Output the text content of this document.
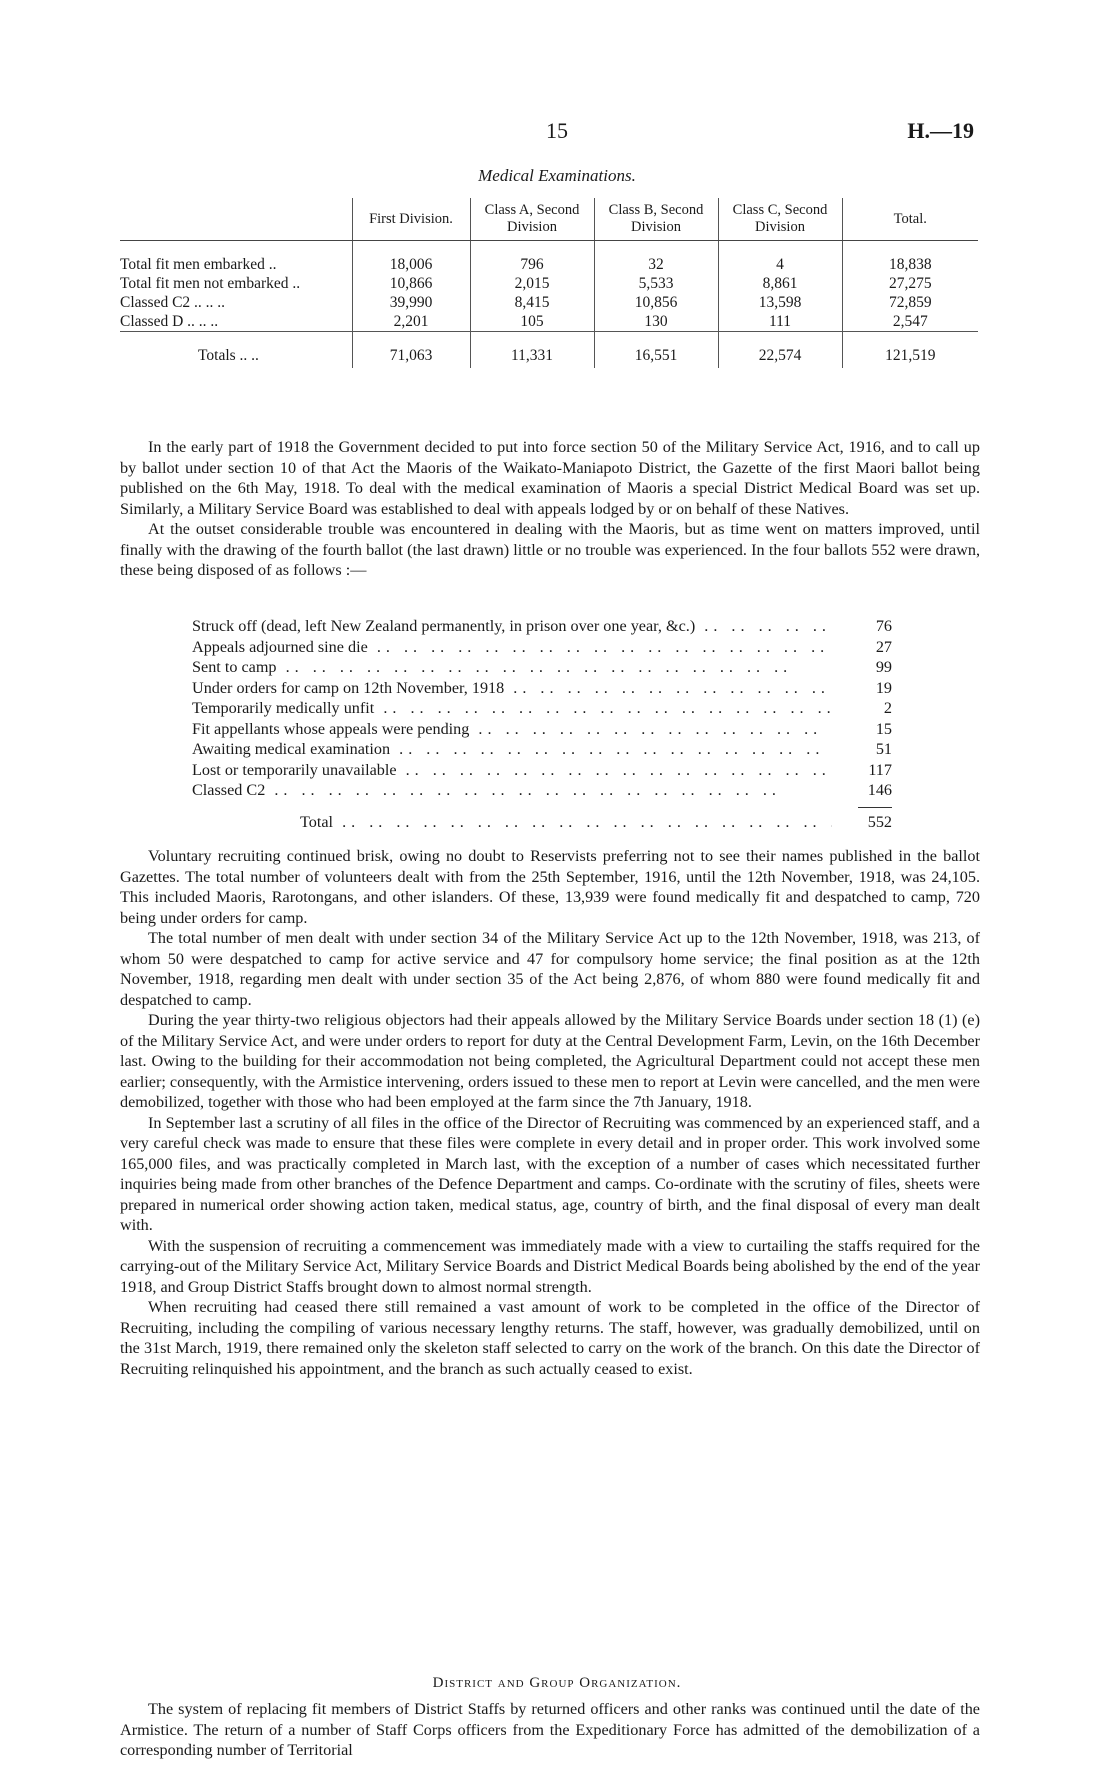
15	H.—19
Medical Examinations.
	First Division.	Class A, Second Division	Class B, Second Division	Class C, Second Division	Total.
Total fit men embarked ..	18,006	796	32	4	18,838
Total fit men not embarked ..	10,866	2,015	5,533	8,861	27,275
Classed C2 .. .. ..	39,990	8,415	10,856	13,598	72,859
Classed D .. .. ..	2,201	105	130	111	2,547
Totals .. ..	71,063	11,331	16,551	22,574	121,519

In the early part of 1918 the Government decided to put into force section 50 of the Military Service Act, 1916, and to call up by ballot under section 10 of that Act the Maoris of the Waikato-Maniapoto District, the Gazette of the first Maori ballot being published on the 6th May, 1918. To deal with the medical examination of Maoris a special District Medical Board was set up. Similarly, a Military Service Board was established to deal with appeals lodged by or on behalf of these Natives.

At the outset considerable trouble was encountered in dealing with the Maoris, but as time went on matters improved, until finally with the drawing of the fourth ballot (the last drawn) little or no trouble was experienced. In the four ballots 552 were drawn, these being disposed of as follows :—

Struck off (dead, left New Zealand permanently, in prison over one year, &c.) .. ..	76
Appeals adjourned sine die .. ..	27
Sent to camp .. ..	99
Under orders for camp on 12th November, 1918 .. ..	19
Temporarily medically unfit .. ..	2
Fit appellants whose appeals were pending .. ..	15
Awaiting medical examination .. ..	51
Lost or temporarily unavailable .. ..	117
Classed C2 .. ..	146
Total .. ..	552

Voluntary recruiting continued brisk, owing no doubt to Reservists preferring not to see their names published in the ballot Gazettes. The total number of volunteers dealt with from the 25th September, 1916, until the 12th November, 1918, was 24,105. This included Maoris, Rarotongans, and other islanders. Of these, 13,939 were found medically fit and despatched to camp, 720 being under orders for camp.

The total number of men dealt with under section 34 of the Military Service Act up to the 12th November, 1918, was 213, of whom 50 were despatched to camp for active service and 47 for compulsory home service; the final position as at the 12th November, 1918, regarding men dealt with under section 35 of the Act being 2,876, of whom 880 were found medically fit and despatched to camp.

During the year thirty-two religious objectors had their appeals allowed by the Military Service Boards under section 18 (1) (e) of the Military Service Act, and were under orders to report for duty at the Central Development Farm, Levin, on the 16th December last. Owing to the building for their accommodation not being completed, the Agricultural Department could not accept these men earlier; consequently, with the Armistice intervening, orders issued to these men to report at Levin were cancelled, and the men were demobilized, together with those who had been employed at the farm since the 7th January, 1918.

In September last a scrutiny of all files in the office of the Director of Recruiting was commenced by an experienced staff, and a very careful check was made to ensure that these files were complete in every detail and in proper order. This work involved some 165,000 files, and was practically completed in March last, with the exception of a number of cases which necessitated further inquiries being made from other branches of the Defence Department and camps. Co-ordinate with the scrutiny of files, sheets were prepared in numerical order showing action taken, medical status, age, country of birth, and the final disposal of every man dealt with.

With the suspension of recruiting a commencement was immediately made with a view to curtailing the staffs required for the carrying-out of the Military Service Act, Military Service Boards and District Medical Boards being abolished by the end of the year 1918, and Group District Staffs brought down to almost normal strength.

When recruiting had ceased there still remained a vast amount of work to be completed in the office of the Director of Recruiting, including the compiling of various necessary lengthy returns. The staff, however, was gradually demobilized, until on the 31st March, 1919, there remained only the skeleton staff selected to carry on the work of the branch. On this date the Director of Recruiting relinquished his appointment, and the branch as such actually ceased to exist.

District and Group Organization.

The system of replacing fit members of District Staffs by returned officers and other ranks was continued until the date of the Armistice. The return of a number of Staff Corps officers from the Expeditionary Force has admitted of the demobilization of a corresponding number of Territorial
